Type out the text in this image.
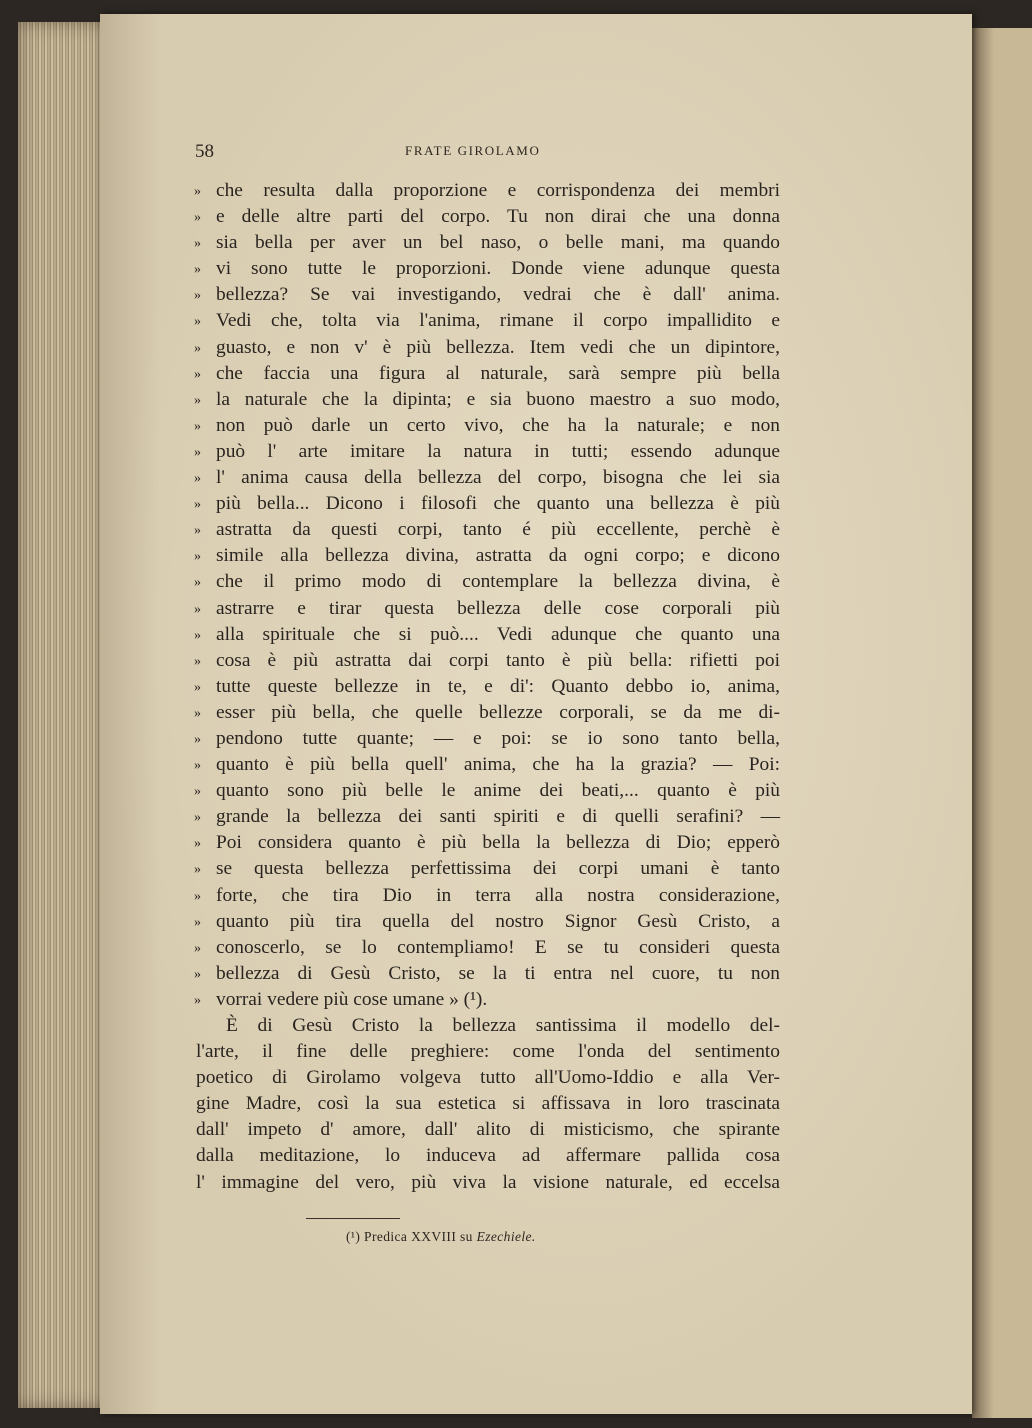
58	FRATE GIROLAMO
» che resulta dalla proporzione e corrispondenza dei membri
» e delle altre parti del corpo. Tu non dirai che una donna
» sia bella per aver un bel naso, o belle mani, ma quando
» vi sono tutte le proporzioni. Donde viene adunque questa
» bellezza? Se vai investigando, vedrai che è dall' anima.
» Vedi che, tolta via l'anima, rimane il corpo impallidito e
» guasto, e non v' è più bellezza. Item vedi che un dipintore,
» che faccia una figura al naturale, sarà sempre più bella
» la naturale che la dipinta; e sia buono maestro a suo modo,
» non può darle un certo vivo, che ha la naturale; e non
» può l' arte imitare la natura in tutti; essendo adunque
» l' anima causa della bellezza del corpo, bisogna che lei sia
» più bella... Dicono i filosofi che quanto una bellezza è più
» astratta da questi corpi, tanto é più eccellente, perchè è
» simile alla bellezza divina, astratta da ogni corpo; e dicono
» che il primo modo di contemplare la bellezza divina, è
» astrarre e tirar questa bellezza delle cose corporali più
» alla spirituale che si può.... Vedi adunque che quanto una
» cosa è più astratta dai corpi tanto è più bella: rifietti poi
» tutte queste bellezze in te, e di': Quanto debbo io, anima,
» esser più bella, che quelle bellezze corporali, se da me di-
» pendono tutte quante; — e poi: se io sono tanto bella,
» quanto è più bella quell' anima, che ha la grazia? — Poi:
» quanto sono più belle le anime dei beati,... quanto è più
» grande la bellezza dei santi spiriti e di quelli serafini? —
» Poi considera quanto è più bella la bellezza di Dio; epperò
» se questa bellezza perfettissima dei corpi umani è tanto
» forte, che tira Dio in terra alla nostra considerazione,
» quanto più tira quella del nostro Signor Gesù Cristo, a
» conoscerlo, se lo contempliamo! E se tu consideri questa
» bellezza di Gesù Cristo, se la ti entra nel cuore, tu non
» vorrai vedere più cose umane » (¹).
È di Gesù Cristo la bellezza santissima il modello del-
l'arte, il fine delle preghiere: come l'onda del sentimento
poetico di Girolamo volgeva tutto all'Uomo-Iddio e alla Ver-
gine Madre, così la sua estetica si affissava in loro trascinata
dall' impeto d' amore, dall' alito di misticismo, che spirante
dalla meditazione, lo induceva ad affermare pallida cosa
l' immagine del vero, più viva la visione naturale, ed eccelsa
(¹) Predica XXVIII su Ezechiele.
